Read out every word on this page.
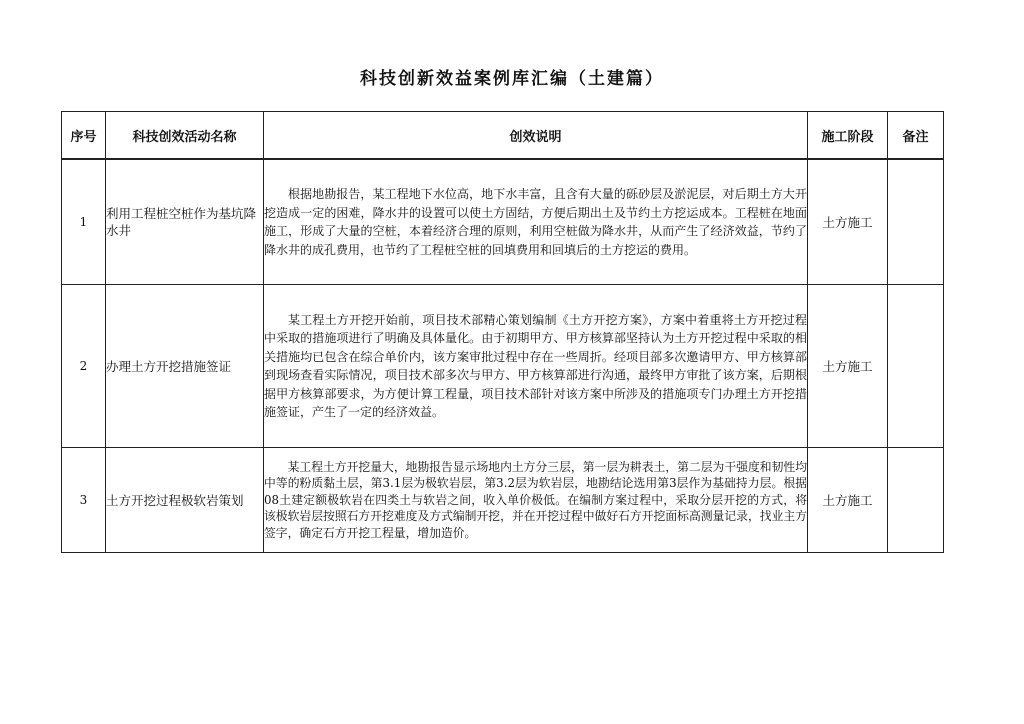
科技创新效益案例库汇编（土建篇）
序号	科技创效活动名称	创效说明	施工阶段	备注
1	利用工程桩空桩作为基坑降水井	根据地勘报告，某工程地下水位高，地下水丰富，且含有大量的砾砂层及淤泥层，对后期土方大开挖造成一定的困难，降水井的设置可以使土方固结，方便后期出土及节约土方挖运成本。工程桩在地面施工，形成了大量的空桩，本着经济合理的原则，利用空桩做为降水井，从而产生了经济效益，节约了降水井的成孔费用，也节约了工程桩空桩的回填费用和回填后的土方挖运的费用。	土方施工	
2	办理土方开挖措施签证	某工程土方开挖开始前，项目技术部精心策划编制《土方开挖方案》，方案中着重将土方开挖过程中采取的措施项进行了明确及具体量化。由于初期甲方、甲方核算部坚持认为土方开挖过程中采取的相关措施均已包含在综合单价内，该方案审批过程中存在一些周折。经项目部多次邀请甲方、甲方核算部到现场查看实际情况，项目技术部多次与甲方、甲方核算部进行沟通，最终甲方审批了该方案，后期根据甲方核算部要求，为方便计算工程量，项目技术部针对该方案中所涉及的措施项专门办理土方开挖措施签证，产生了一定的经济效益。	土方施工	
3	土方开挖过程极软岩策划	某工程土方开挖量大，地勘报告显示场地内土方分三层，第一层为耕表土，第二层为干强度和韧性均中等的粉质黏土层，第3.1层为极软岩层，第3.2层为软岩层，地勘结论选用第3层作为基础持力层。根据08土建定额极软岩在四类土与软岩之间，收入单价极低。在编制方案过程中，采取分层开挖的方式，将该极软岩层按照石方开挖难度及方式编制开挖，并在开挖过程中做好石方开挖面标高测量记录，找业主方签字，确定石方开挖工程量，增加造价。	土方施工	
